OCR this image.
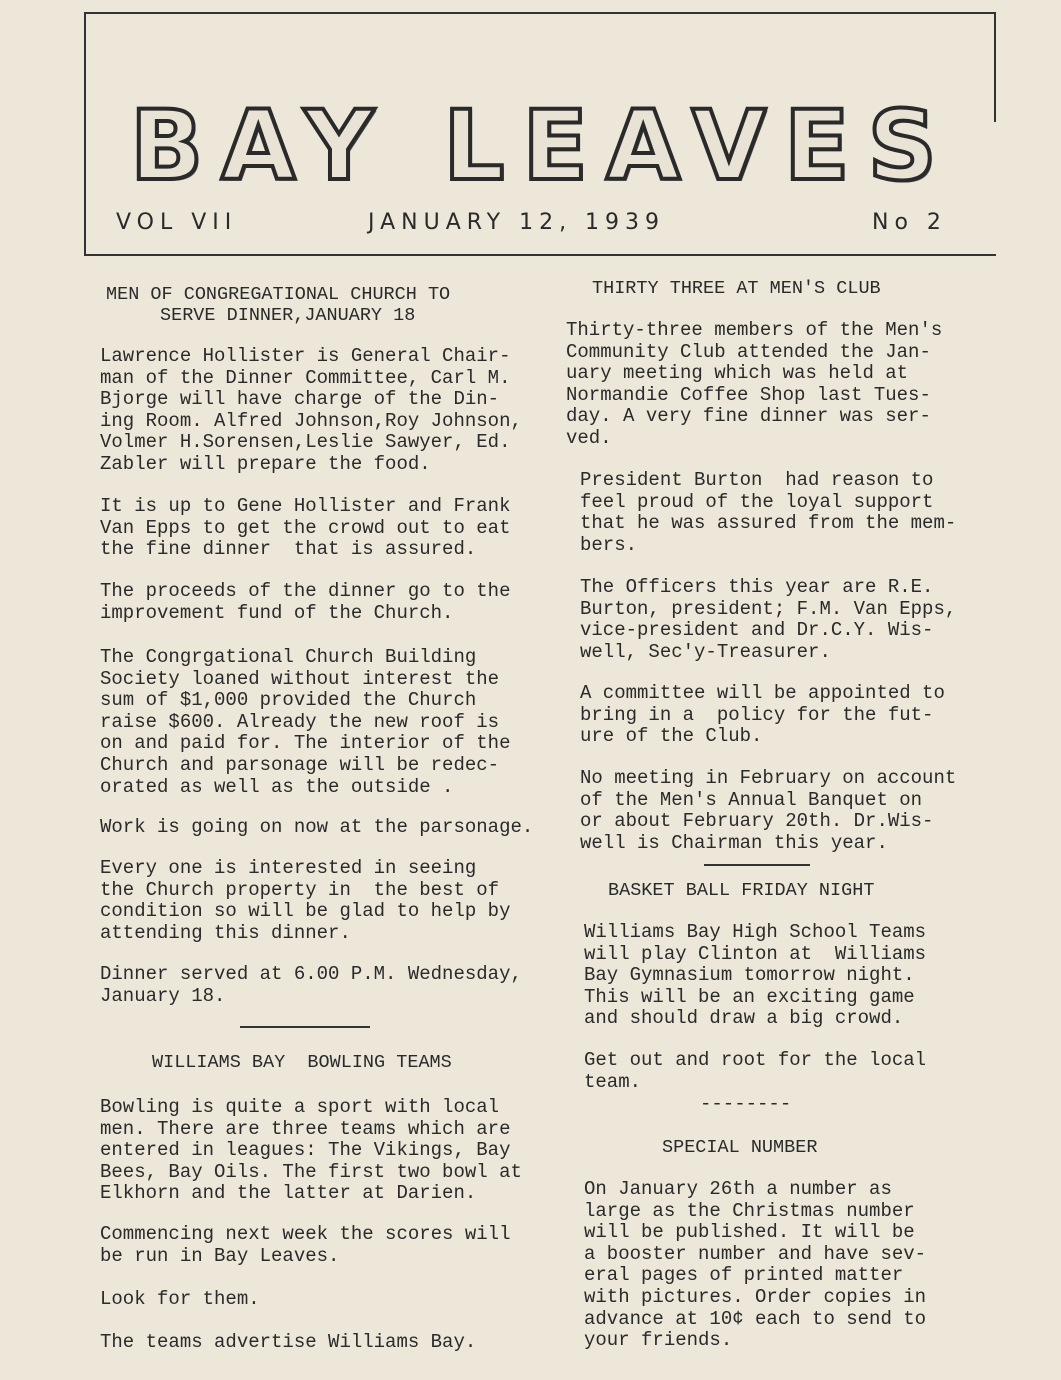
BAY LEAVES
VOL VII	JANUARY 12, 1939	No 2
MEN OF CONGREGATIONAL CHURCH TO
SERVE DINNER,JANUARY 18
Lawrence Hollister is General Chair-
man of the Dinner Committee, Carl M.
Bjorge will have charge of the Din-
ing Room. Alfred Johnson,Roy Johnson,
Volmer H.Sorensen,Leslie Sawyer, Ed.
Zabler will prepare the food.
It is up to Gene Hollister and Frank
Van Epps to get the crowd out to eat
the fine dinner  that is assured.
The proceeds of the dinner go to the
improvement fund of the Church.
The Congrgational Church Building
Society loaned without interest the
sum of $1,000 provided the Church
raise $600. Already the new roof is
on and paid for. The interior of the
Church and parsonage will be redec-
orated as well as the outside .
Work is going on now at the parsonage.
Every one is interested in seeing
the Church property in  the best of
condition so will be glad to help by
attending this dinner.
Dinner served at 6.00 P.M. Wednesday,
January 18.
WILLIAMS BAY  BOWLING TEAMS
Bowling is quite a sport with local
men. There are three teams which are
entered in leagues: The Vikings, Bay
Bees, Bay Oils. The first two bowl at
Elkhorn and the latter at Darien.
Commencing next week the scores will
be run in Bay Leaves.
Look for them.
The teams advertise Williams Bay.
THIRTY THREE AT MEN'S CLUB
Thirty-three members of the Men's
Community Club attended the Jan-
uary meeting which was held at
Normandie Coffee Shop last Tues-
day. A very fine dinner was ser-
ved.
President Burton  had reason to
feel proud of the loyal support
that he was assured from the mem-
bers.
The Officers this year are R.E.
Burton, president; F.M. Van Epps,
vice-president and Dr.C.Y. Wis-
well, Sec'y-Treasurer.
A committee will be appointed to
bring in a  policy for the fut-
ure of the Club.
No meeting in February on account
of the Men's Annual Banquet on
or about February 20th. Dr.Wis-
well is Chairman this year.
BASKET BALL FRIDAY NIGHT
Williams Bay High School Teams
will play Clinton at  Williams
Bay Gymnasium tomorrow night.
This will be an exciting game
and should draw a big crowd.
Get out and root for the local
team.
--------
SPECIAL NUMBER
On January 26th a number as
large as the Christmas number
will be published. It will be
a booster number and have sev-
eral pages of printed matter
with pictures. Order copies in
advance at 10¢ each to send to
your friends.
